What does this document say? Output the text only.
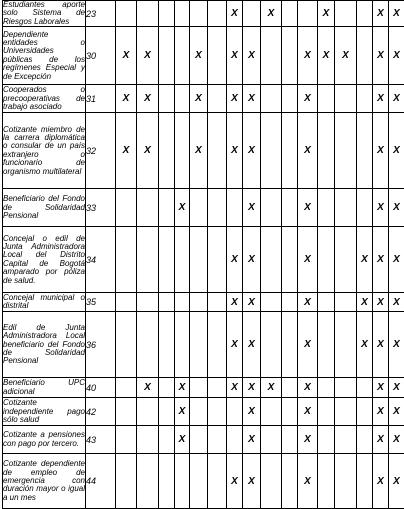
Estudiantes aporte solo Sistema de Riesgos Laborales	23							X		X			X			X	X	
Dependiente entidades o Universidades públicas de los regímenes Especial y de Excepción	30	X	X			X		X	X			X	X	X		X	X	
Cooperados o precooperativas de trabajo asociado	31	X	X			X		X	X			X				X	X	
Cotizante miembro de la carrera diplomática o consular de un país extranjero o funcionario de organismo multilateral	32	X	X			X		X	X			X				X	X	
Beneficiario del Fondo de Solidaridad Pensional	33				X				X			X				X	X	
Concejal o edil de Junta Administradora Local del Distrito Capital de Bogotá amparado por póliza de salud.	34							X	X			X			X	X	X	
Concejal municipal o distrital	35							X	X			X			X	X	X	
Edil de Junta Administradora Local beneficiario del Fondo de Solidaridad Pensional	36							X	X			X			X	X	X	
Beneficiario UPC adicional	40		X		X			X	X	X		X				X	X	
Cotizante independiente pago sólo salud	42				X				X			X				X	X	
Cotizante a pensiones con pago por tercero.	43				X				X			X				X	X	
Cotizante dependiente de empleo de emergencia con duración mayor o igual a un mes	44							X	X			X				X	X	
